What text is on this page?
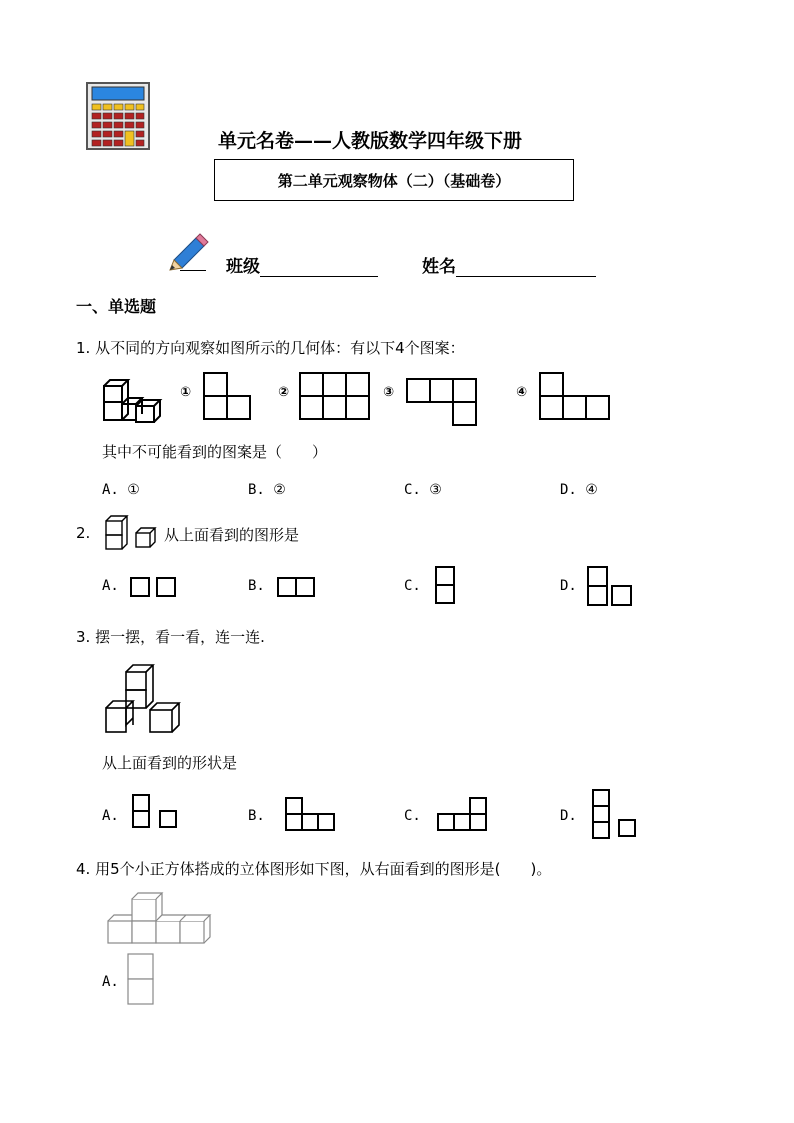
单元名卷——人教版数学四年级下册
第二单元观察物体（二）（基础卷）
班级	姓名
一、单选题
1. 从不同的方向观察如图所示的几何体：有以下4个图案：
①	②	③	④
其中不可能看到的图案是（　　）
A. ①	B. ②	C. ③	D. ④
2.	从上面看到的图形是
A.	B.	C.	D.
3. 摆一摆，看一看，连一连.
从上面看到的形状是
A.	B.	C.	D.
4. 用5个小正方体搭成的立体图形如下图，从右面看到的图形是(　　)。
A.
